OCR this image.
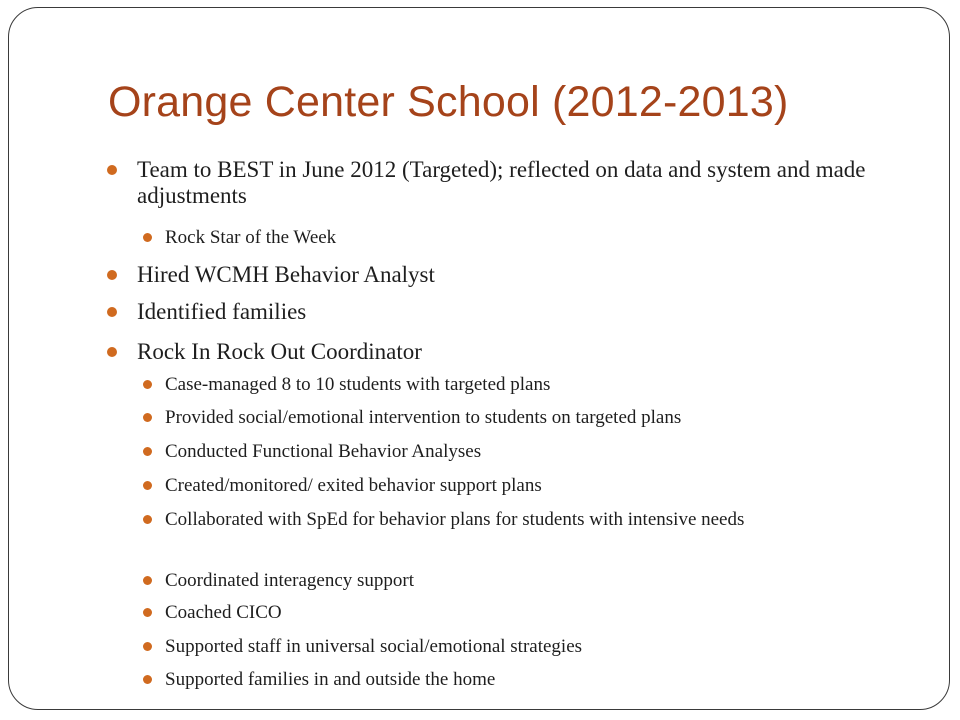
Orange Center School (2012-2013)
Team to BEST in June 2012 (Targeted); reflected on data and system and made adjustments
Rock Star of the Week
Hired WCMH Behavior Analyst
Identified families
Rock In Rock Out Coordinator
Case-managed 8 to 10 students with targeted plans
Provided social/emotional intervention to students on targeted plans
Conducted Functional Behavior Analyses
Created/monitored/ exited behavior support plans
Collaborated with SpEd for behavior plans for students with intensive needs
Coordinated interagency support
Coached CICO
Supported staff in universal social/emotional strategies
Supported families in and outside the home
